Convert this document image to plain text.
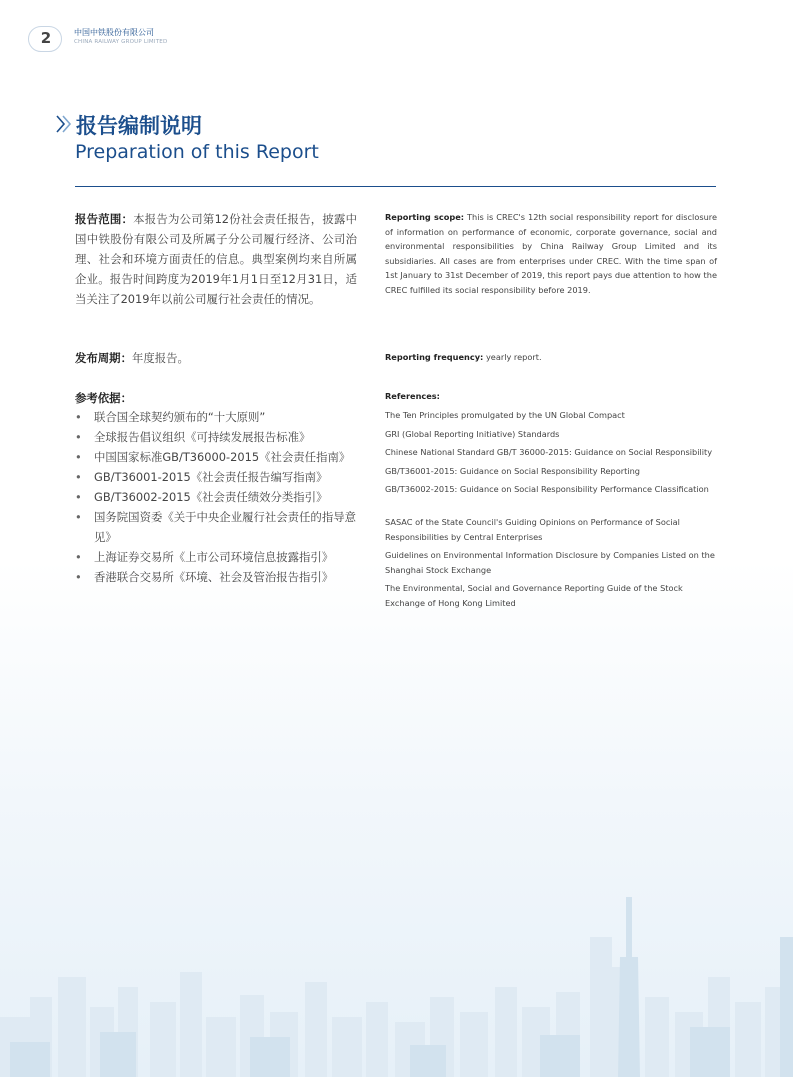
2	中国中铁股份有限公司
CHINA RAILWAY GROUP LIMITED
报告编制说明
Preparation of this Report
报告范围：本报告为公司第12份社会责任报告，披露中国中铁股份有限公司及所属子分公司履行经济、公司治理、社会和环境方面责任的信息。典型案例均来自所属企业。报告时间跨度为2019年1月1日至12月31日，适当关注了2019年以前公司履行社会责任的情况。
Reporting scope: This is CREC's 12th social responsibility report for disclosure of information on performance of economic, corporate governance, social and environmental responsibilities by China Railway Group Limited and its subsidiaries. All cases are from enterprises under CREC. With the time span of 1st January to 31st December of 2019, this report pays due attention to how the CREC fulfilled its social responsibility before 2019.
发布周期：年度报告。	Reporting frequency: yearly report.
参考依据：	References:
• 联合国全球契约颁布的“十大原则”
• 全球报告倡议组织《可持续发展报告标准》
• 中国国家标准GB/T36000-2015《社会责任指南》
• GB/T36001-2015《社会责任报告编写指南》
• GB/T36002-2015《社会责任绩效分类指引》
• 国务院国资委《关于中央企业履行社会责任的指导意见》
• 上海证券交易所《上市公司环境信息披露指引》
• 香港联合交易所《环境、社会及管治报告指引》

The Ten Principles promulgated by the UN Global Compact

GRI (Global Reporting Initiative) Standards

Chinese National Standard GB/T 36000-2015: Guidance on Social Responsibility

GB/T36001-2015: Guidance on Social Responsibility Reporting

GB/T36002-2015: Guidance on Social Responsibility Performance Classification

SASAC of the State Council's Guiding Opinions on Performance of Social Responsibilities by Central Enterprises

Guidelines on Environmental Information Disclosure by Companies Listed on the Shanghai Stock Exchange

The Environmental, Social and Governance Reporting Guide of the Stock Exchange of Hong Kong Limited
